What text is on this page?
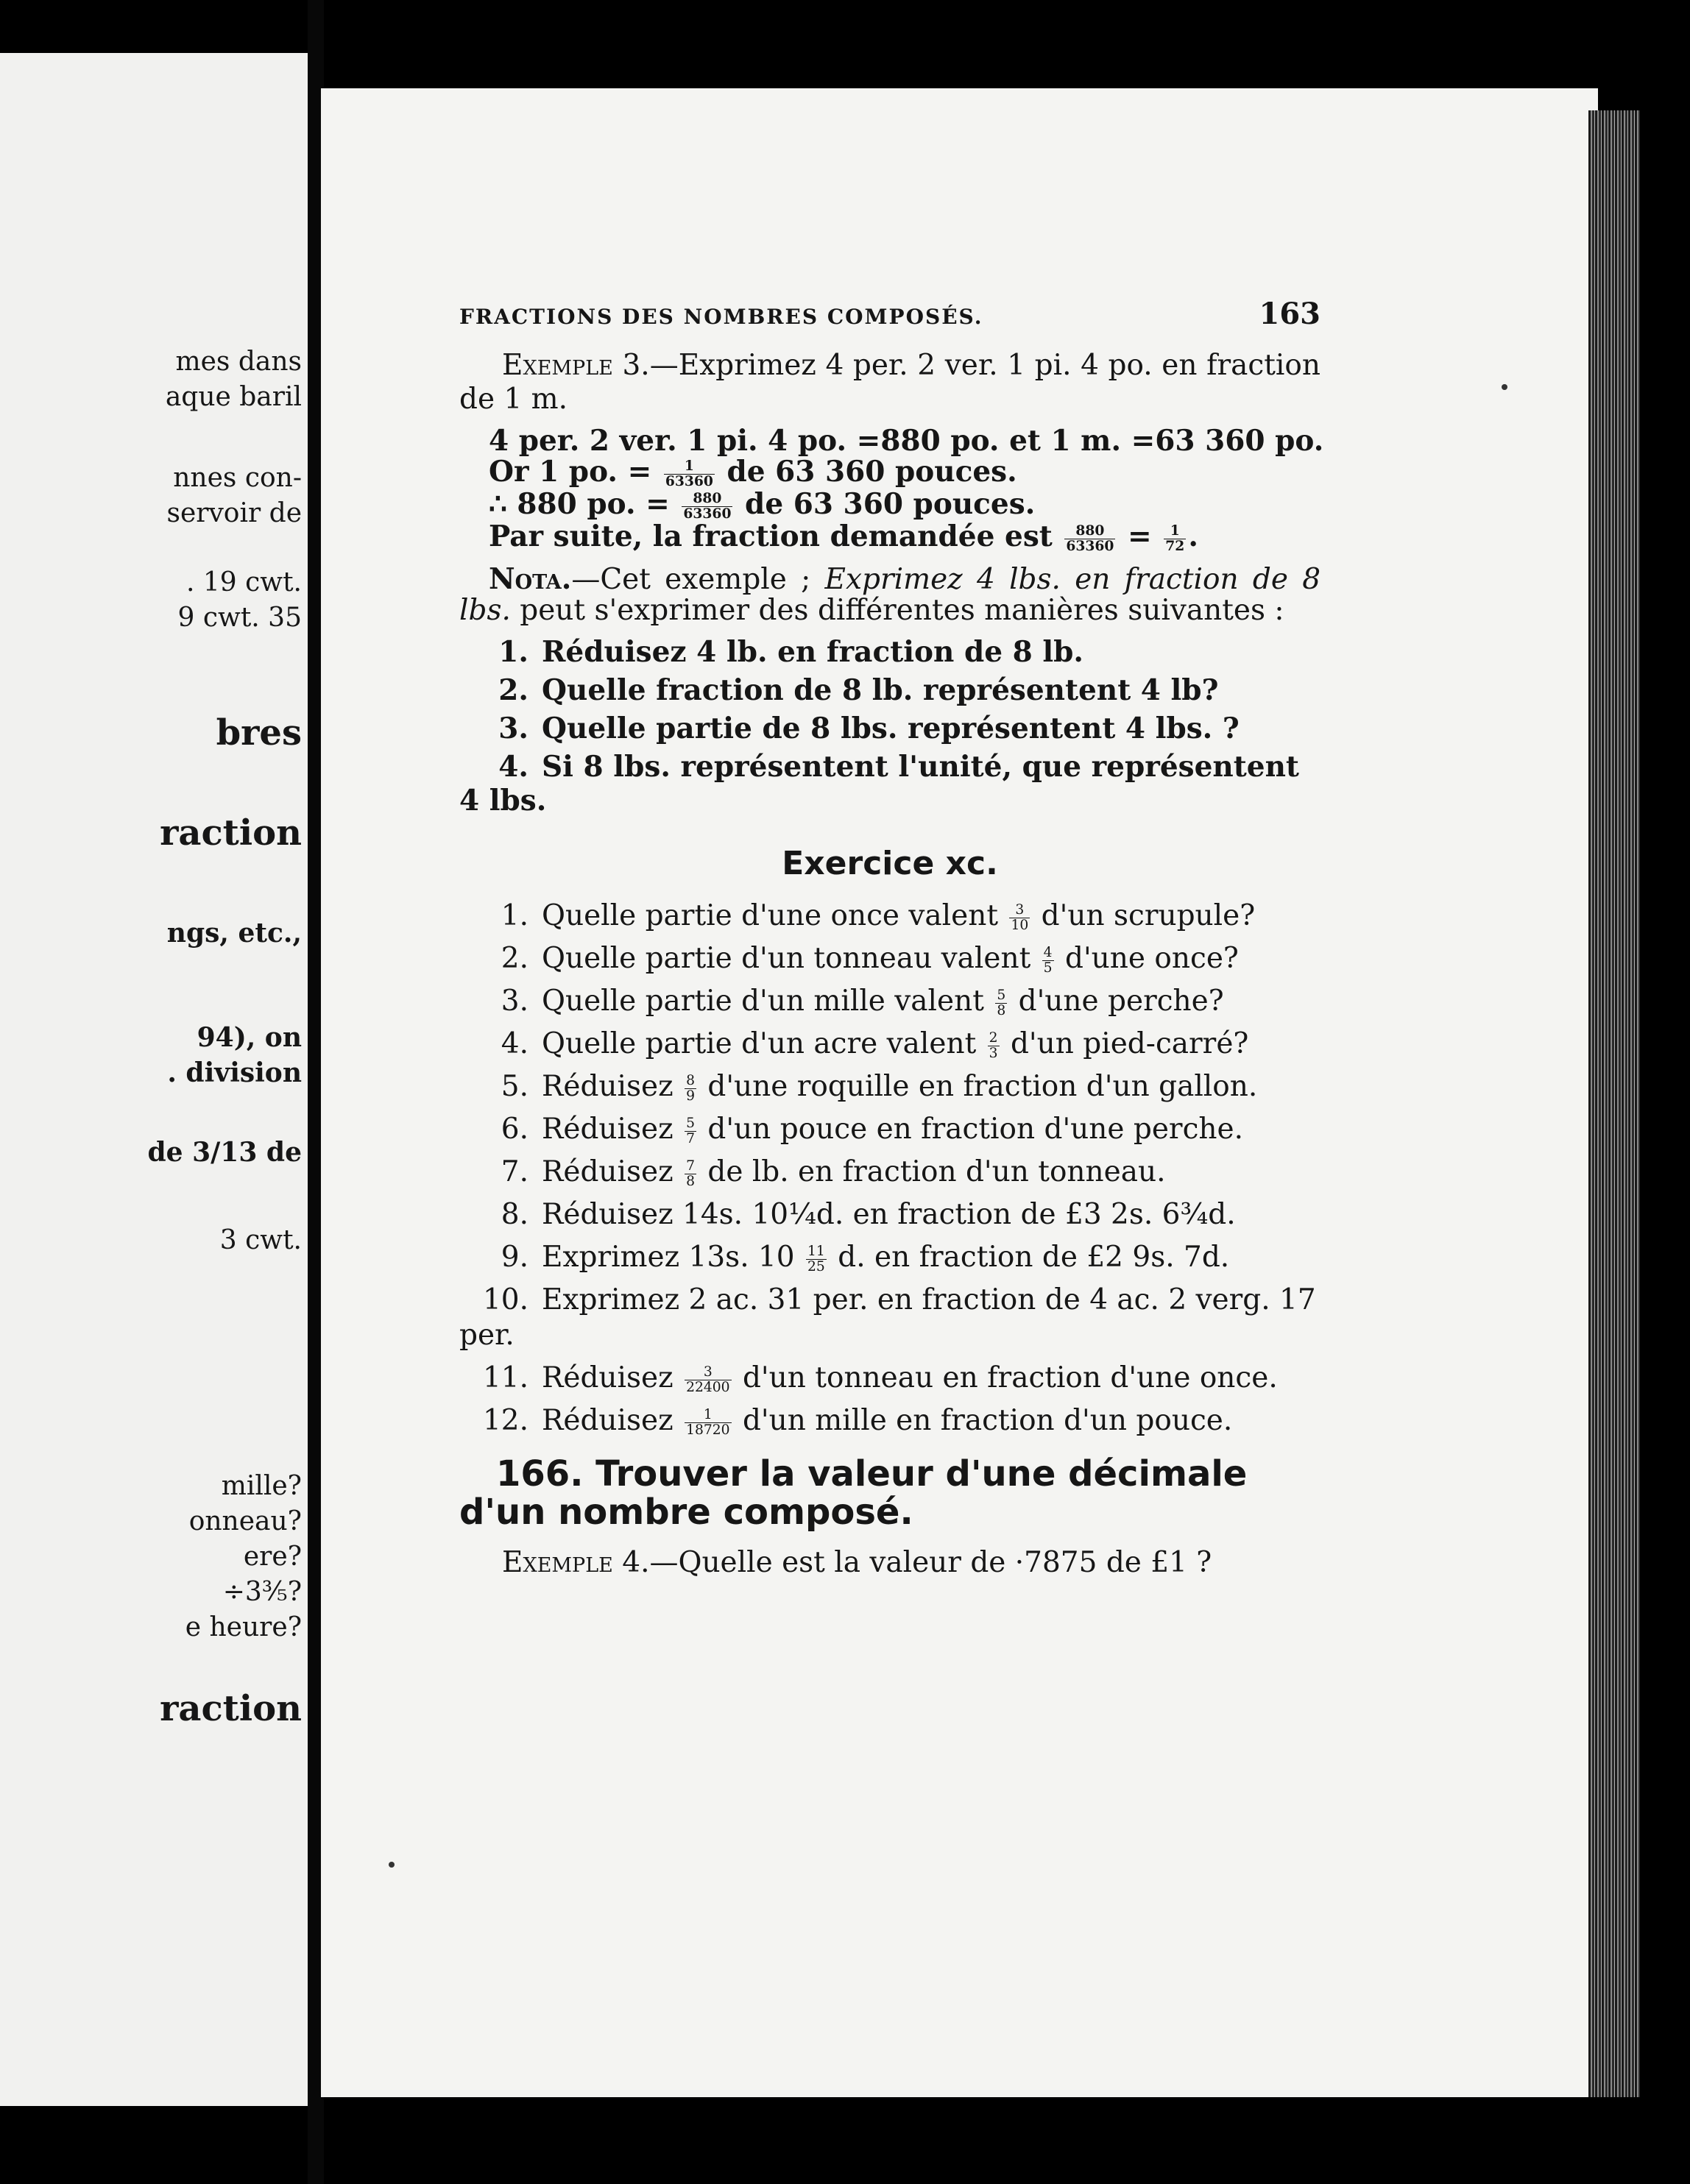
mes dans
aque baril
nnes con-
servoir de
. 19 cwt.
9 cwt. 35
bres
raction
ngs, etc.,
94), on
. division
de 3/13 de
3 cwt.
mille?
onneau?
ere?
÷3⅗?
e heure?
raction
FRACTIONS DES NOMBRES COMPOSÉS.	163

Exemple 3.—Exprimez 4 per. 2 ver. 1 pi. 4 po. en fraction de 1 m.

4 per. 2 ver. 1 pi. 4 po. =880 po. et 1 m. =63 360 po.
Or 1 po. = $\frac{1}{63360}$ de 63 360 pouces.
∴ 880 po. = $\frac{880}{63360}$ de 63 360 pouces.
Par suite, la fraction demandée est $\frac{880}{63360} = \frac{1}{72}$ .

Nota.—Cet exemple ; Exprimez 4 lbs. en fraction de 8 lbs. peut s'exprimer des différentes manières suivantes :

1. Réduisez 4 lb. en fraction de 8 lb.
2. Quelle fraction de 8 lb. représentent 4 lb?
3. Quelle partie de 8 lbs. représentent 4 lbs. ?
4. Si 8 lbs. représentent l'unité, que représentent 4 lbs.
Exercice xc.
1. Quelle partie d'une once valent $\frac{3}{10} d'un$ scrupule?
2. Quelle partie d'un tonneau valent $\frac{4}{5} d'une$ once?
3. Quelle partie d'un mille valent $\frac{5}{8} d'une$ perche?
4. Quelle partie d'un acre valent $\frac{2}{3} d'un$ pied-carré?
5. Réduisez $\frac{8}{9} d'une$ roquille en fraction d'un gallon.
6. Réduisez $\frac{5}{7} d'un$ pouce en fraction d'une perche.
7. Réduisez $\frac{7}{8}$ de lb. en fraction d'un tonneau.
8. Réduisez 14s. 10¼d. en fraction de £3 2s. 6¾d.
9. Exprimez 13s. $10 \frac{11}{25} d$. en fraction de £2 9s. 7d.
10. Exprimez 2 ac. 31 per. en fraction de 4 ac. 2 verg. 17 per.
11. Réduisez $\frac{3}{22400} d'un$ tonneau en fraction d'une once.
12. Réduisez $\frac{1}{18720} d'un$ mille en fraction d'un pouce.
166. Trouver la valeur d'une décimale d'un nombre composé.

Exemple 4.—Quelle est la valeur de ·7875 de £1 ?
